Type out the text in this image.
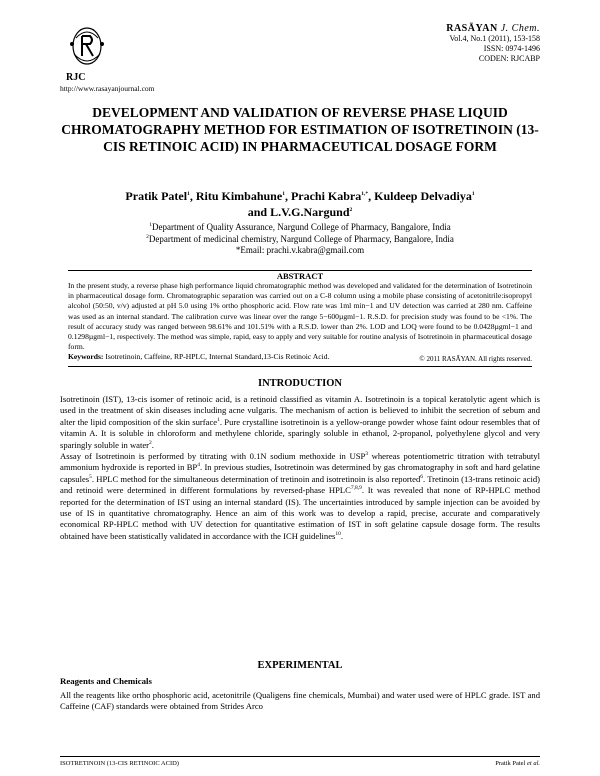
RJC
http://www.rasayanjournal.com
RASĀYAN J. Chem.
Vol.4, No.1 (2011), 153-158
ISSN: 0974-1496
CODEN: RJCABP
DEVELOPMENT AND VALIDATION OF REVERSE PHASE LIQUID CHROMATOGRAPHY METHOD FOR ESTIMATION OF ISOTRETINOIN (13-CIS RETINOIC ACID) IN PHARMACEUTICAL DOSAGE FORM
Pratik Patel$^1$, Ritu Kimbahune$^1$, Prachi Kabra$^{1,*}$, Kuldeep Delvadiya$^1$
and L.V.G.Nargund$^2$
$^1$Department of Quality Assurance, Nargund College of Pharmacy, Bangalore, India
$^2$Department of medicinal chemistry, Nargund College of Pharmacy, Bangalore, India
*Email: prachi.v.kabra@gmail.com
ABSTRACT
In the present study, a reverse phase high performance liquid chromatographic method was developed and validated for the determination of Isotretinoin in pharmaceutical dosage form. Chromatographic separation was carried out on a C-8 column using a mobile phase consisting of acetonitrile:isopropyl alcohol (50:50, v/v) adjusted at pH 5.0 using 1% ortho phosphoric acid. Flow rate was 1ml min−1 and UV detection was carried at 280 nm. Caffeine was used as an internal standard. The calibration curve was linear over the range 5−600µgml−1. R.S.D. for precision study was found to be <1%. The result of accuracy study was ranged between 98.61% and 101.51% with a R.S.D. lower than 2%. LOD and LOQ were found to be 0.0428µgml−1 and 0.1298µgml−1, respectively. The method was simple, rapid, easy to apply and very suitable for routine analysis of Isotretinoin in pharmaceutical dosage form.
Keywords: Isotretinoin, Caffeine, RP-HPLC, Internal Standard,13-Cis Retinoic Acid.	© 2011 RASĀYAN. All rights reserved.
INTRODUCTION

Isotretinoin (IST), 13-cis isomer of retinoic acid, is a retinoid classified as vitamin A. Isotretinoin is a topical keratolytic agent which is used in the treatment of skin diseases including acne vulgaris. The mechanism of action is believed to inhibit the secretion of sebum and alter the lipid composition of the skin surface$^1$. Pure crystalline isotretinoin is a yellow-orange powder whose faint odour resembles that of vitamin A. It is soluble in chloroform and methylene chloride, sparingly soluble in ethanol, 2-propanol, polyethylene glycol and very sparingly soluble in water$^2$.

Assay of Isotretinoin is performed by titrating with 0.1N sodium methoxide in USP$^3$ whereas potentiometric titration with tetrabutyl ammonium hydroxide is reported in $BP^4$. In previous studies, Isotretinoin was determined by gas chromatography in soft and hard gelatine capsules$^5$. HPLC method for the simultaneous determination of tretinoin and isotretinoin is also reported$^6$. Tretinoin (13-trans retinoic acid) and retinoid were determined in different formulations by reversed-phase HPLC$^{7,8,9}$. It was revealed that none of RP-HPLC method reported for the determination of IST using an internal standard (IS). The uncertainties introduced by sample injection can be avoided by use of IS in quantitative chromatography. Hence an aim of this work was to develop a rapid, precise, accurate and comparatively economical RP-HPLC method with UV detection for quantitative estimation of IST in soft gelatine capsule dosage form. The results obtained have been statistically validated in accordance with the ICH guidelines$^{10}$.

EXPERIMENTAL
Reagents and Chemicals
All the reagents like ortho phosphoric acid, acetonitrile (Qualigens fine chemicals, Mumbai) and water used were of HPLC grade. IST and Caffeine (CAF) standards were obtained from Strides Arco
ISOTRETINOIN (13-CIS RETINOIC ACID)	Pratik Patel et al.
